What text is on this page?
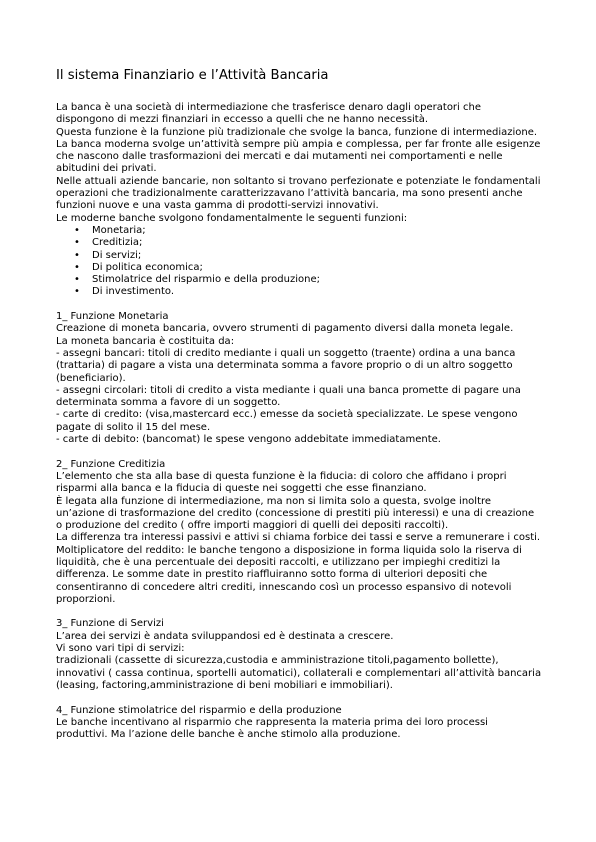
Il sistema Finanziario e l’Attività Bancaria

La banca è una società di intermediazione che trasferisce denaro dagli operatori che dispongono di mezzi finanziari in eccesso a quelli che ne hanno necessità.

Questa funzione è la funzione più tradizionale che svolge la banca, funzione di intermediazione.

La banca moderna svolge un’attività sempre più ampia e complessa, per far fronte alle esigenze che nascono dalle trasformazioni dei mercati e dai mutamenti nei comportamenti e nelle abitudini dei privati.

Nelle attuali aziende bancarie, non soltanto si trovano perfezionate e potenziate le fondamentali operazioni che tradizionalmente caratterizzavano l’attività bancaria, ma sono presenti anche funzioni nuove e una vasta gamma di prodotti-servizi innovativi.

Le moderne banche svolgono fondamentalmente le seguenti funzioni:

• Monetaria;
• Creditizia;
• Di servizi;
• Di politica economica;
• Stimolatrice del risparmio e della produzione;
• Di investimento.

1_ Funzione Monetaria

Creazione di moneta bancaria, ovvero strumenti di pagamento diversi dalla moneta legale.

La moneta bancaria è costituita da:

- assegni bancari: titoli di credito mediante i quali un soggetto (traente) ordina a una banca (trattaria) di pagare a vista una determinata somma a favore proprio o di un altro soggetto (beneficiario).

- assegni circolari: titoli di credito a vista mediante i quali una banca promette di pagare una determinata somma a favore di un soggetto.

- carte di credito: (visa,mastercard ecc.) emesse da società specializzate. Le spese vengono pagate di solito il 15 del mese.

- carte di debito: (bancomat) le spese vengono addebitate immediatamente.

2_ Funzione Creditizia

L’elemento che sta alla base di questa funzione è la fiducia: di coloro che affidano i propri risparmi alla banca e la fiducia di queste nei soggetti che esse finanziano.

È legata alla funzione di intermediazione, ma non si limita solo a questa, svolge inoltre un’azione di trasformazione del credito (concessione di prestiti più interessi) e una di creazione o produzione del credito ( offre importi maggiori di quelli dei depositi raccolti).

La differenza tra interessi passivi e attivi si chiama forbice dei tassi e serve a remunerare i costi.

Moltiplicatore del reddito: le banche tengono a disposizione in forma liquida solo la riserva di liquidità, che è una percentuale dei depositi raccolti, e utilizzano per impieghi creditizi la differenza. Le somme date in prestito riaffluiranno sotto forma di ulteriori depositi che consentiranno di concedere altri crediti, innescando così un processo espansivo di notevoli proporzioni.

3_ Funzione di Servizi

L’area dei servizi è andata sviluppandosi ed è destinata a crescere.

Vi sono vari tipi di servizi:

tradizionali (cassette di sicurezza,custodia e amministrazione titoli,pagamento bollette), innovativi ( cassa continua, sportelli automatici), collaterali e complementari all’attività bancaria (leasing, factoring,amministrazione di beni mobiliari e immobiliari).

4_ Funzione stimolatrice del risparmio e della produzione

Le banche incentivano al risparmio che rappresenta la materia prima dei loro processi produttivi. Ma l’azione delle banche è anche stimolo alla produzione.
